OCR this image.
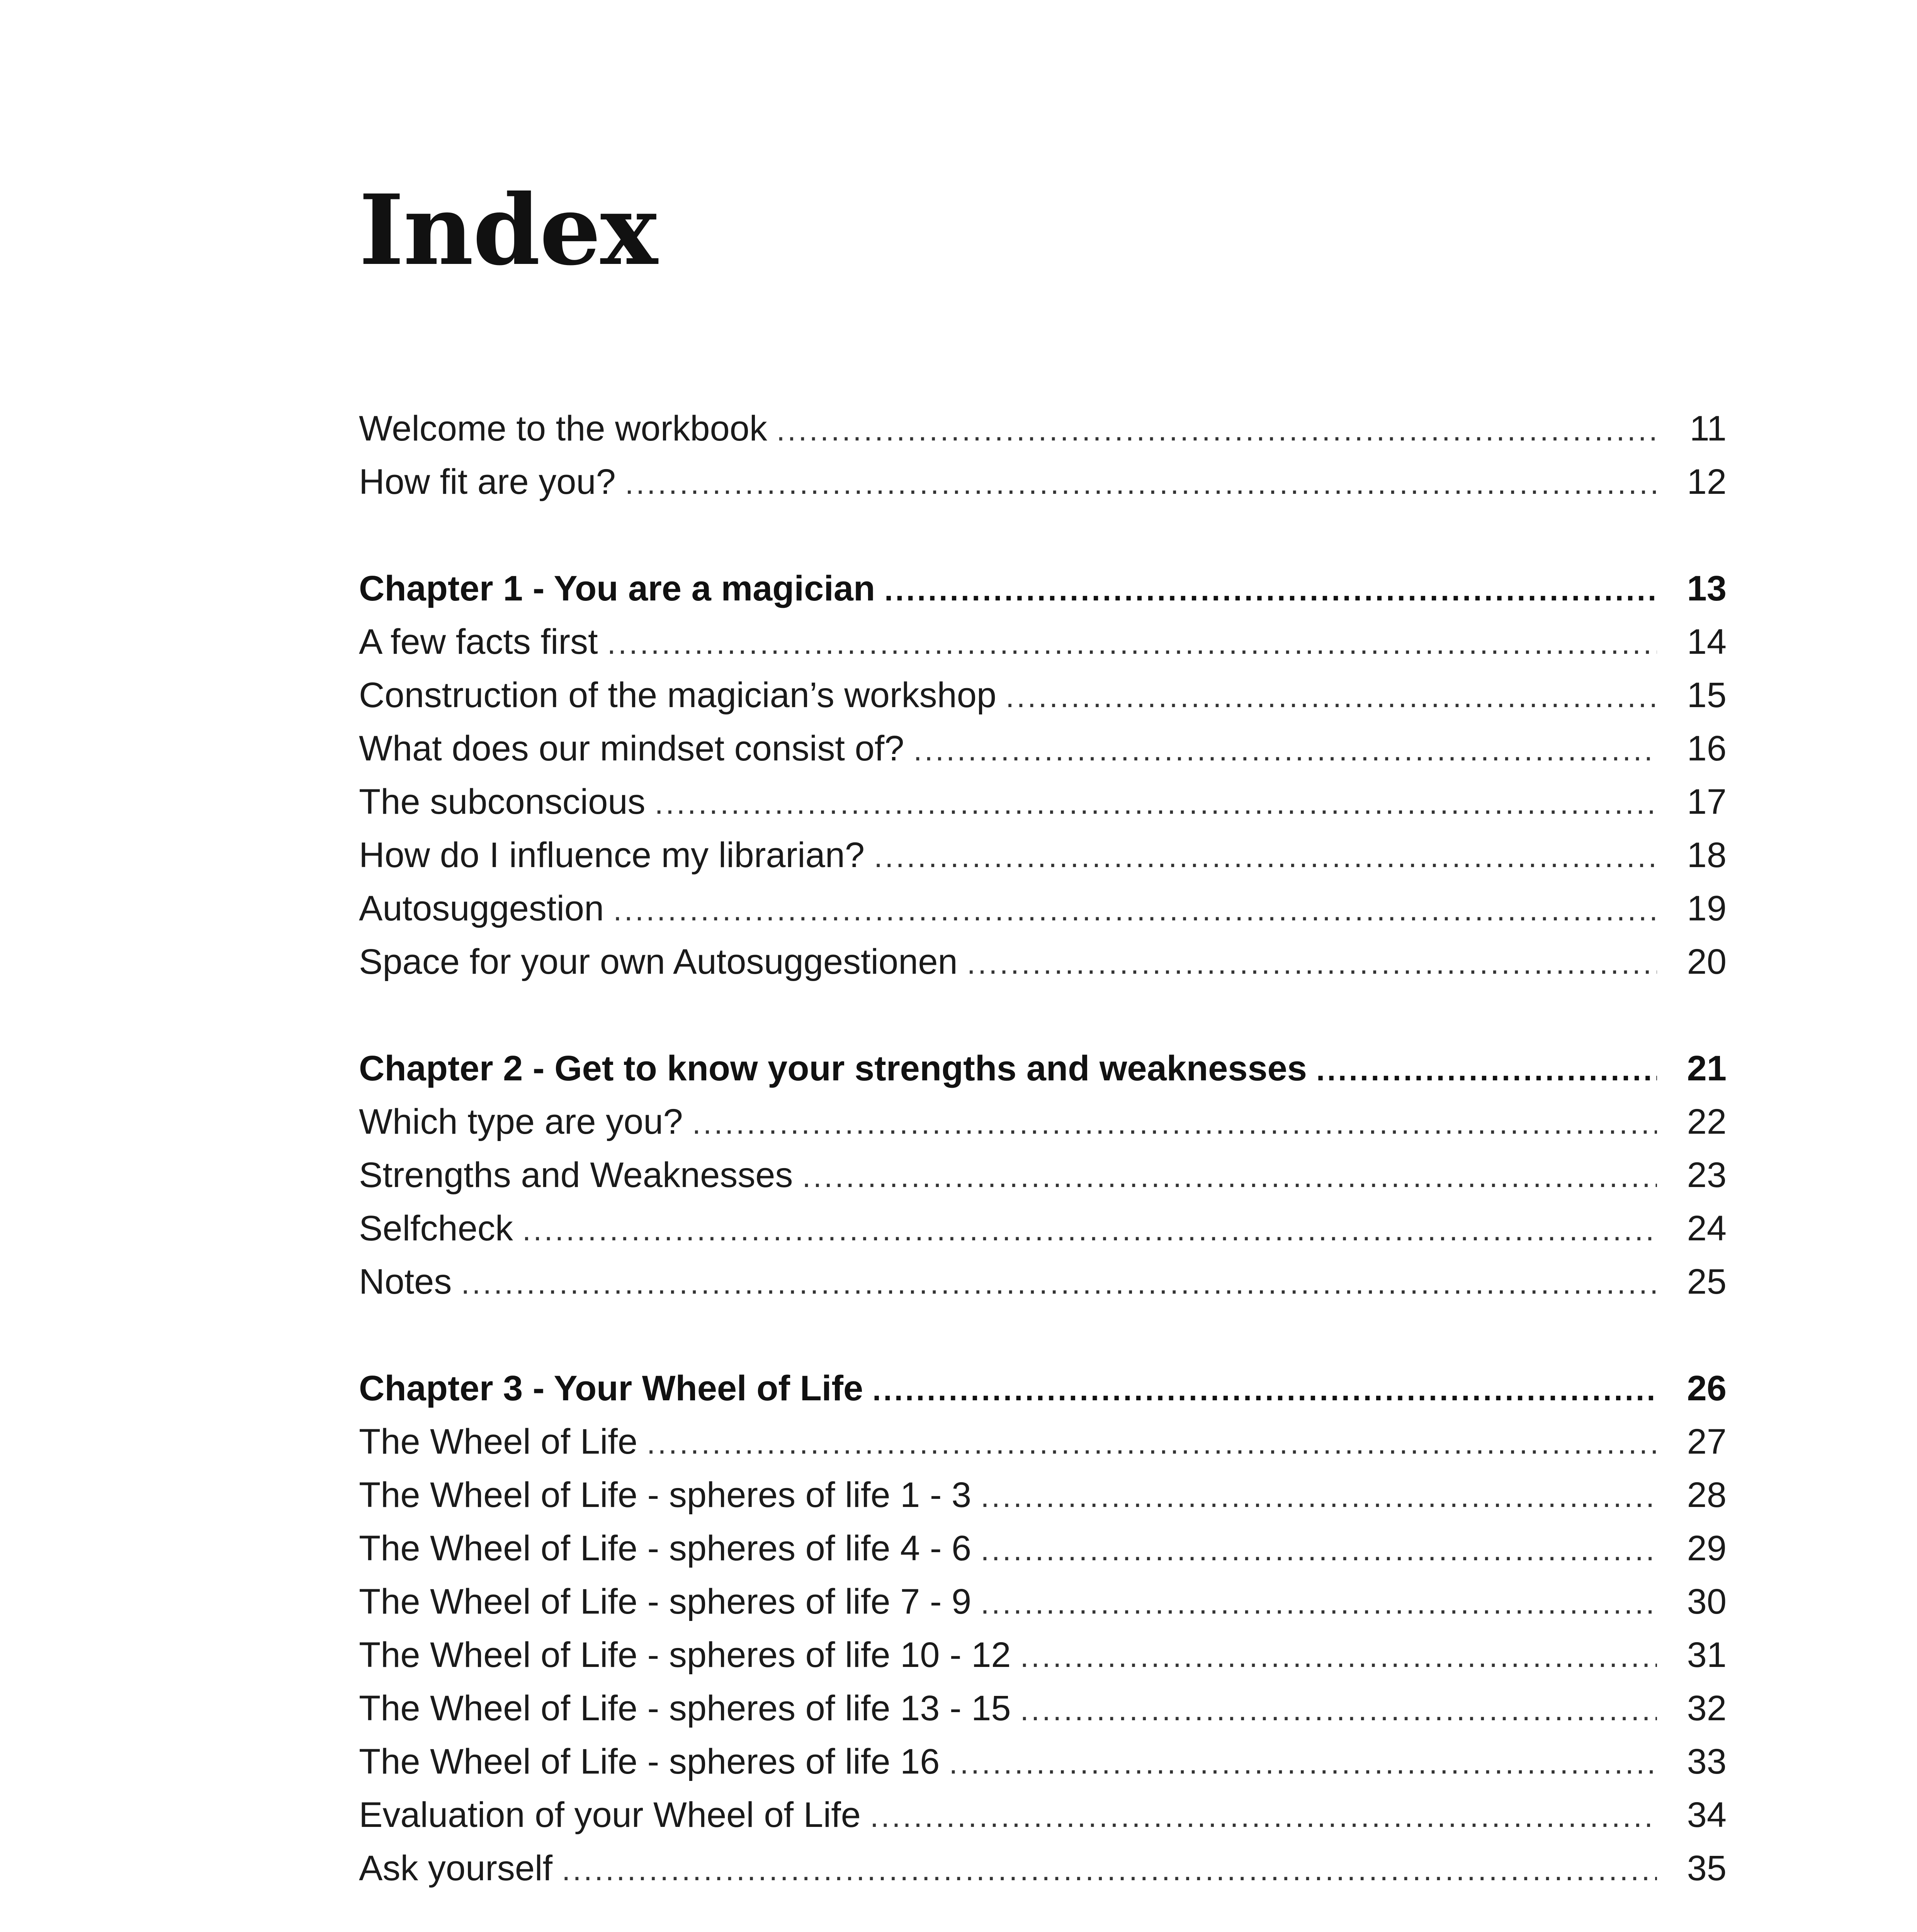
Index
Welcome to the workbook .....	11
How fit are you? .....	12
Chapter 1 - You are a magician .....	13
A few facts first .....	14
Construction of the magician’s workshop .....	15
What does our mindset consist of? .....	16
The subconscious .....	17
How do I influence my librarian? .....	18
Autosuggestion .....	19
Space for your own Autosuggestionen .....	20
Chapter 2 - Get to know your strengths and weaknesses .....	21
Which type are you? .....	22
Strengths and Weaknesses .....	23
Selfcheck .....	24
Notes .....	25
Chapter 3 - Your Wheel of Life .....	26
The Wheel of Life .....	27
The Wheel of Life - spheres of life 1 - 3 .....	28
The Wheel of Life - spheres of life 4 - 6 .....	29
The Wheel of Life - spheres of life 7 - 9 .....	30
The Wheel of Life - spheres of life 10 - 12 .....	31
The Wheel of Life - spheres of life 13 - 15 .....	32
The Wheel of Life - spheres of life 16 .....	33
Evaluation of your Wheel of Life .....	34
Ask yourself .....	35
